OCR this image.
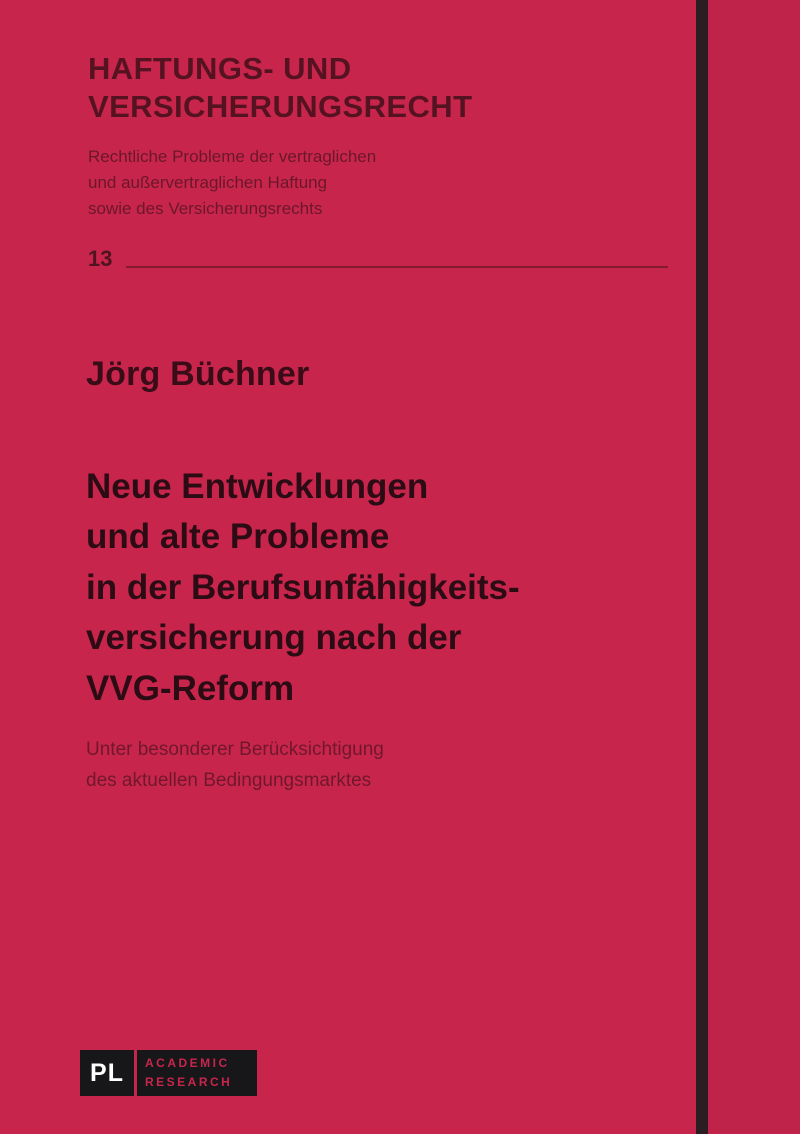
HAFTUNGS- UND
VERSICHERUNGSRECHT
Rechtliche Probleme der vertraglichen
und außervertraglichen Haftung
sowie des Versicherungsrechts
13
Jörg Büchner
Neue Entwicklungen
und alte Probleme
in der Berufsunfähigkeits-
versicherung nach der
VVG-Reform
Unter besonderer Berücksichtigung
des aktuellen Bedingungsmarktes
PL	ACADEMIC
RESEARCH
